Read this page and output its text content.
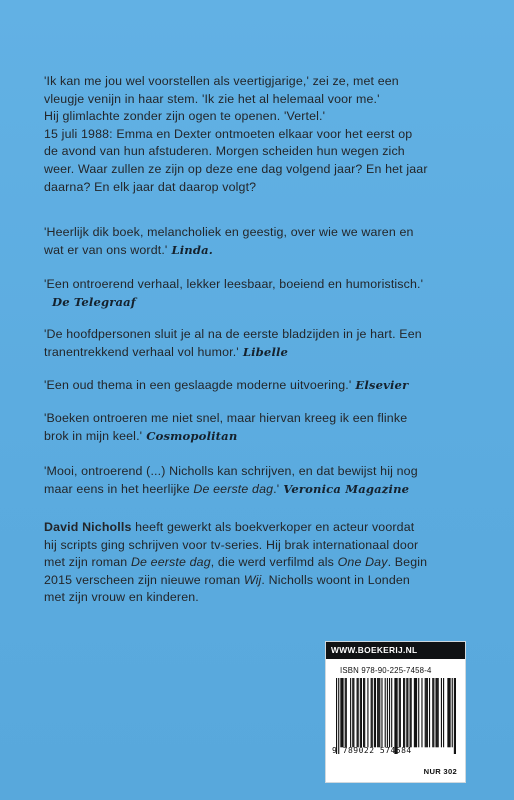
'Ik kan me jou wel voorstellen als veertigjarige,' zei ze, met een
vleugje venijn in haar stem. 'Ik zie het al helemaal voor me.'
Hij glimlachte zonder zijn ogen te openen. 'Vertel.'
15 juli 1988: Emma en Dexter ontmoeten elkaar voor het eerst op
de avond van hun afstuderen. Morgen scheiden hun wegen zich
weer. Waar zullen ze zijn op deze ene dag volgend jaar? En het jaar
daarna? En elk jaar dat daarop volgt?

'Heerlijk dik boek, melancholiek en geestig, over wie we waren en
wat er van ons wordt.' Linda.

'Een ontroerend verhaal, lekker leesbaar, boeiend en humoristisch.'
De Telegraaf

'De hoofdpersonen sluit je al na de eerste bladzijden in je hart. Een
tranentrekkend verhaal vol humor.' Libelle

'Een oud thema in een geslaagde moderne uitvoering.' Elsevier

'Boeken ontroeren me niet snel, maar hiervan kreeg ik een flinke
brok in mijn keel.' Cosmopolitan

'Mooi, ontroerend (...) Nicholls kan schrijven, en dat bewijst hij nog
maar eens in het heerlijke De eerste dag.' Veronica Magazine

David Nicholls heeft gewerkt als boekverkoper en acteur voordat
hij scripts ging schrijven voor tv-series. Hij brak internationaal door
met zijn roman De eerste dag, die werd verfilmd als One Day. Begin
2015 verscheen zijn nieuwe roman Wij. Nicholls woont in Londen
met zijn vrouw en kinderen.

WWW.BOEKERIJ.NL
ISBN 978-90-225-7458-4
9 789022 574584
NUR 302
